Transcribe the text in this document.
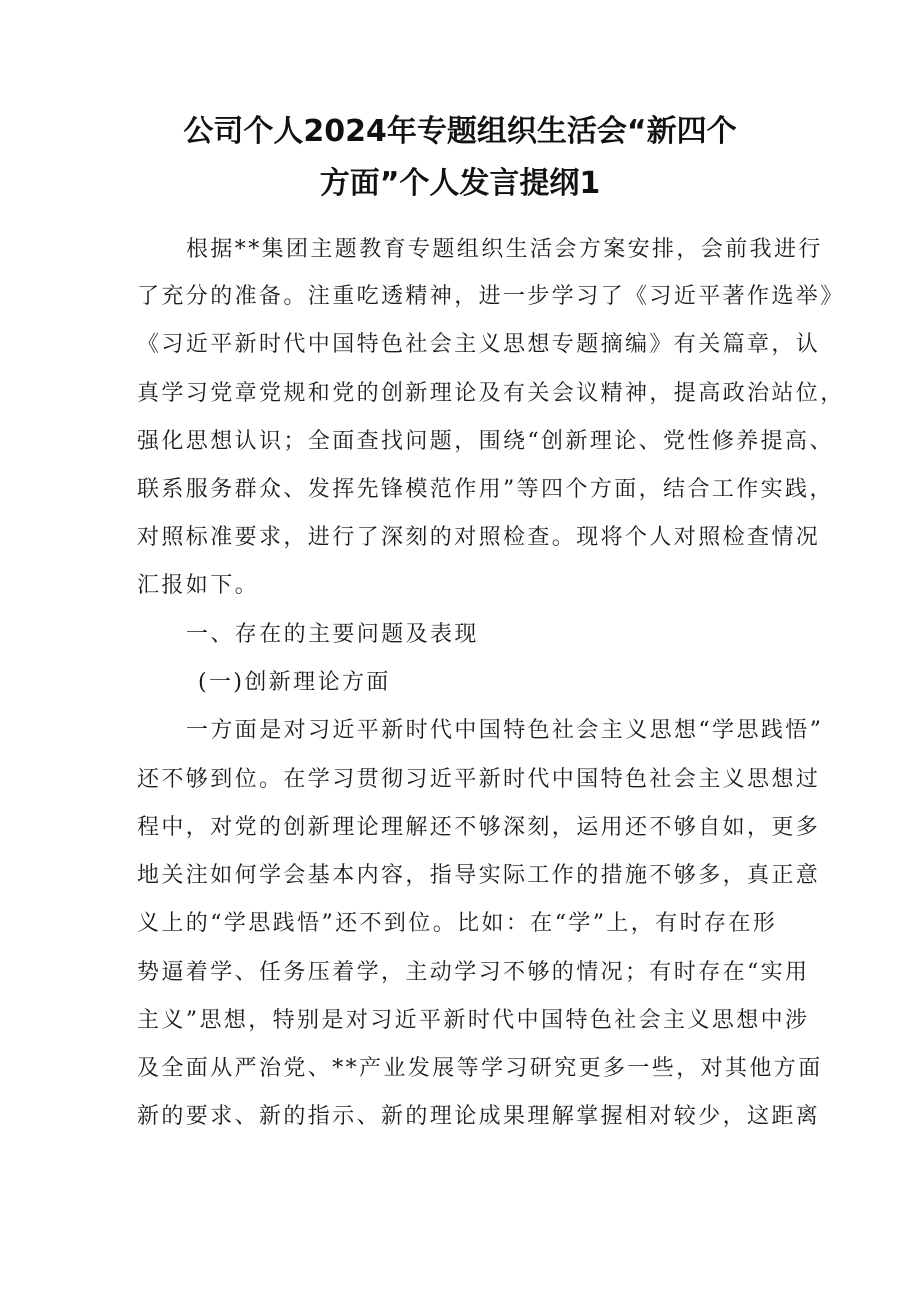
公司个人2024年专题组织生活会“新四个
方面”个人发言提纲1
根据**集团主题教育专题组织生活会方案安排，会前我进行
了充分的准备。注重吃透精神，进一步学习了《习近平著作选举》
《习近平新时代中国特色社会主义思想专题摘编》有关篇章，认
真学习党章党规和党的创新理论及有关会议精神，提高政治站位，
强化思想认识；全面查找问题，围绕“创新理论、党性修养提高、
联系服务群众、发挥先锋模范作用”等四个方面，结合工作实践，
对照标准要求，进行了深刻的对照检查。现将个人对照检查情况
汇报如下。
一、存在的主要问题及表现
(一)创新理论方面
一方面是对习近平新时代中国特色社会主义思想“学思践悟”
还不够到位。在学习贯彻习近平新时代中国特色社会主义思想过
程中，对党的创新理论理解还不够深刻，运用还不够自如，更多
地关注如何学会基本内容，指导实际工作的措施不够多，真正意
义上的“学思践悟”还不到位。比如：在“学”上，有时存在形
势逼着学、任务压着学，主动学习不够的情况；有时存在“实用
主义”思想，特别是对习近平新时代中国特色社会主义思想中涉
及全面从严治党、**产业发展等学习研究更多一些，对其他方面
新的要求、新的指示、新的理论成果理解掌握相对较少，这距离
